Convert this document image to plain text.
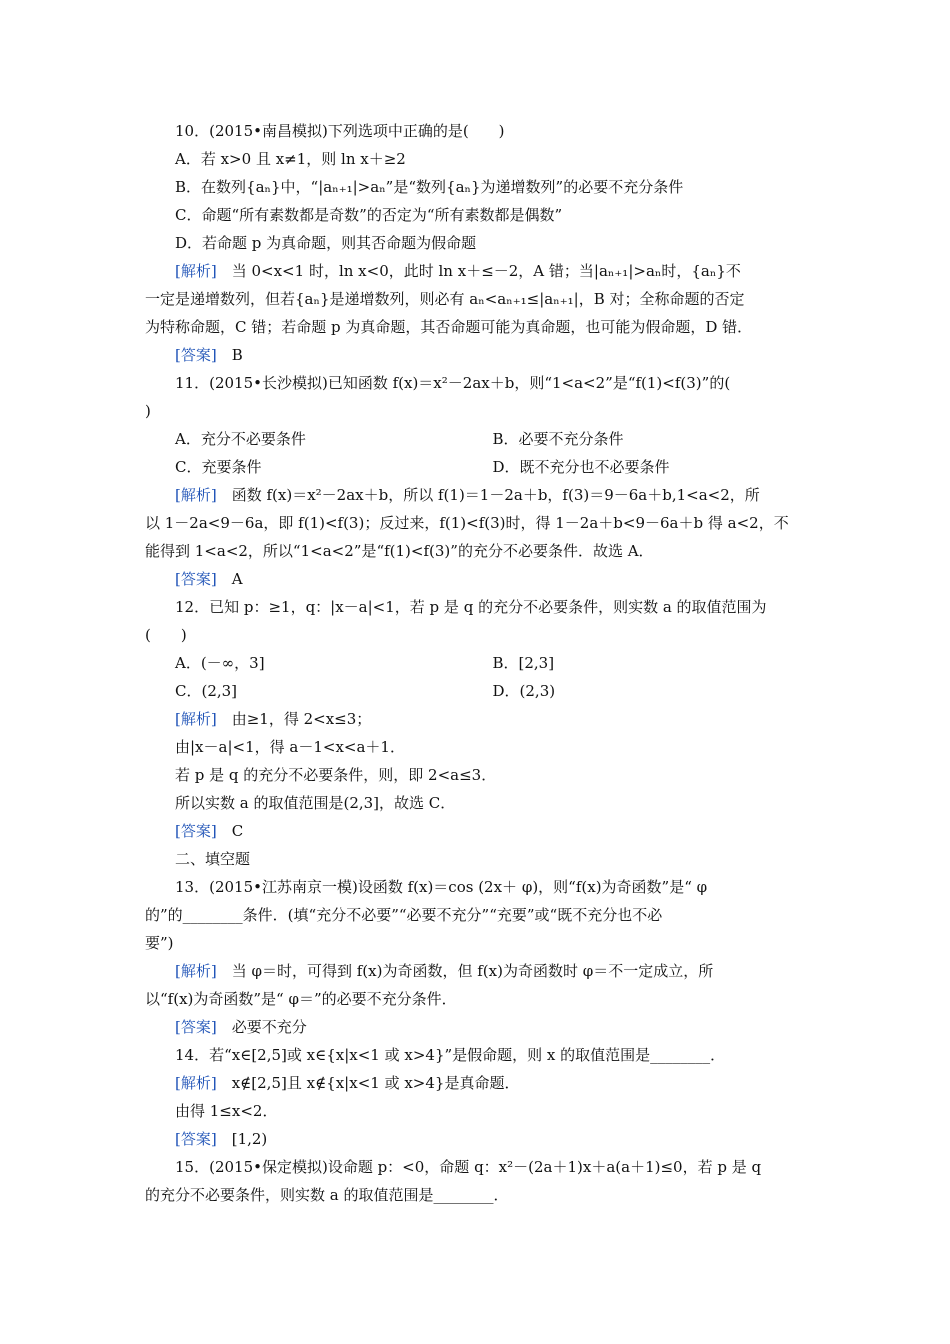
10．(2015•南昌模拟)下列选项中正确的是(　　)
A．若 x>0 且 x≠1，则 ln x＋≥2
B．在数列{aₙ}中，“|aₙ₊₁|>aₙ”是“数列{aₙ}为递增数列”的必要不充分条件
C．命题“所有素数都是奇数”的否定为“所有素数都是偶数”
D．若命题 p 为真命题，则其否命题为假命题
[解析]　当 0<x<1 时，ln x<0，此时 ln x＋≤－2，A 错；当|aₙ₊₁|>aₙ时，{aₙ}不
一定是递增数列，但若{aₙ}是递增数列，则必有 aₙ<aₙ₊₁≤|aₙ₊₁|，B 对；全称命题的否定
为特称命题，C 错；若命题 p 为真命题，其否命题可能为真命题，也可能为假命题，D 错．
[答案]　B
11．(2015•长沙模拟)已知函数 f(x)＝x²－2ax＋b，则“1<a<2”是“f(1)<f(3)”的(
)
A．充分不必要条件	B．必要不充分条件
C．充要条件	D．既不充分也不必要条件
[解析]　函数 f(x)＝x²－2ax＋b，所以 f(1)＝1－2a＋b，f(3)＝9－6a＋b,1<a<2，所
以 1－2a<9－6a，即 f(1)<f(3)；反过来，f(1)<f(3)时，得 1－2a＋b<9－6a＋b 得 a<2，不
能得到 1<a<2，所以“1<a<2”是“f(1)<f(3)”的充分不必要条件．故选 A．
[答案]　A
12．已知 p：≥1，q：|x－a|<1，若 p 是 q 的充分不必要条件，则实数 a 的取值范围为
(　　)
A．(－∞，3]	B．[2,3]
C．(2,3]	D．(2,3)
[解析]　由≥1，得 2<x≤3；
由|x－a|<1，得 a－1<x<a＋1．
若 p 是 q 的充分不必要条件，则，即 2<a≤3．
所以实数 a 的取值范围是(2,3]，故选 C．
[答案]　C
二、填空题
13．(2015•江苏南京一模)设函数 f(x)＝cos (2x＋ φ)，则“f(x)为奇函数”是“ φ
的”的________条件．(填“充分不必要”“必要不充分”“充要”或“既不充分也不必
要”)
[解析]　当 φ＝时，可得到 f(x)为奇函数，但 f(x)为奇函数时 φ＝不一定成立，所
以“f(x)为奇函数”是“ φ＝”的必要不充分条件．
[答案]　必要不充分
14．若“x∈[2,5]或 x∈{x|x<1 或 x>4}”是假命题，则 x 的取值范围是________．
[解析]　x∉[2,5]且 x∉{x|x<1 或 x>4}是真命题．
由得 1≤x<2．
[答案]　[1,2)
15．(2015•保定模拟)设命题 p：<0，命题 q：x²－(2a＋1)x＋a(a＋1)≤0，若 p 是 q
的充分不必要条件，则实数 a 的取值范围是________．
